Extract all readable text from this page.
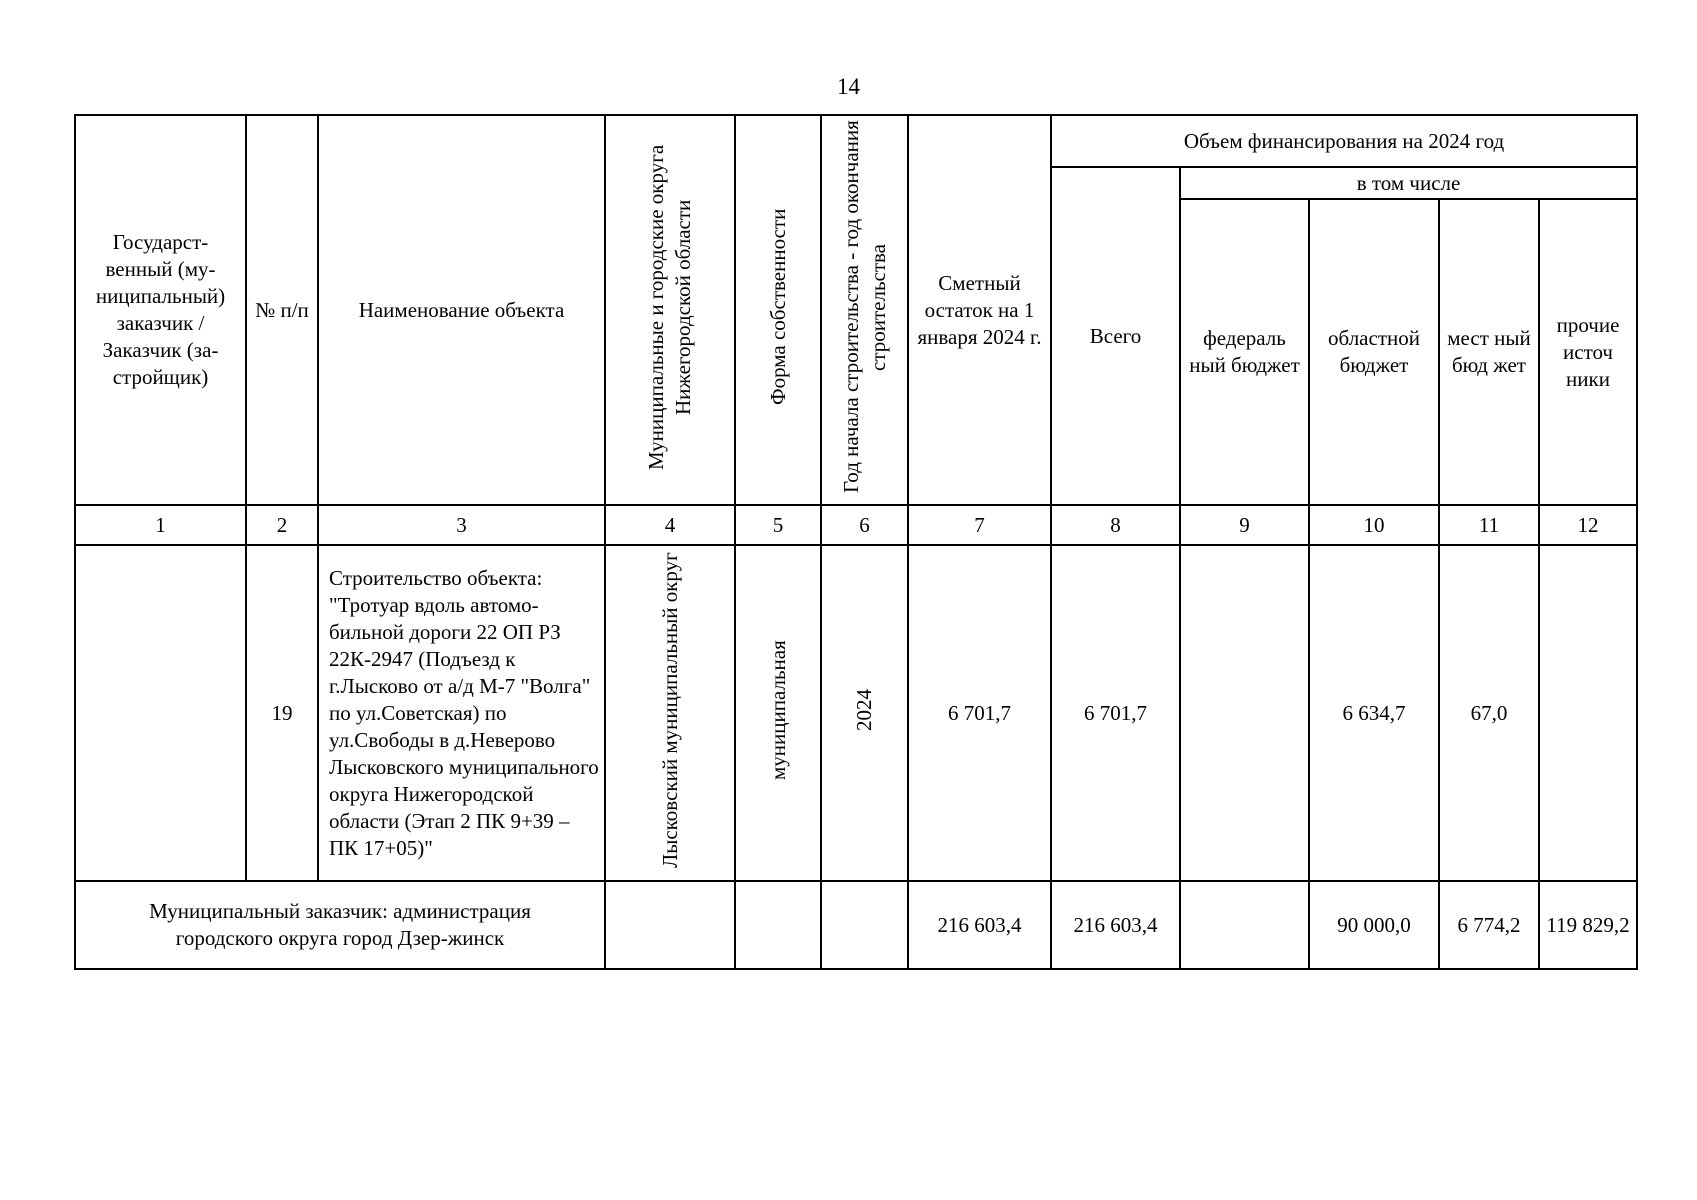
14
Государст-венный (му-ниципальный) заказчик / Заказчик (за-стройщик)	№ п/п	Наименование объекта	Муниципальные и городские округа Нижегородской области	Форма собственности	Год начала строительства - год окончания строительства	Сметный остаток на 1 января 2024 г.	Объем финансирования на 2024 год				
							Всего	в том числе			
								федераль ный бюджет	областной бюджет	мест ный бюд жет	прочие источ ники
1	2	3	4	5	6	7	8	9	10	11	12
	19	Строительство объекта: "Тротуар вдоль автомо-бильной дороги 22 ОП РЗ 22К-2947 (Подъезд к г.Лысково от а/д М-7 "Волга" по ул.Советская) по ул.Свободы в д.Неверово Лысковского муниципального округа Нижегородской области (Этап 2 ПК 9+39 – ПК 17+05)"	Лысковский муниципальный округ	муниципальная	2024	6 701,7	6 701,7		6 634,7	67,0	
Муниципальный заказчик: администрация городского округа город Дзер-жинск						216 603,4	216 603,4		90 000,0	6 774,2	119 829,2
